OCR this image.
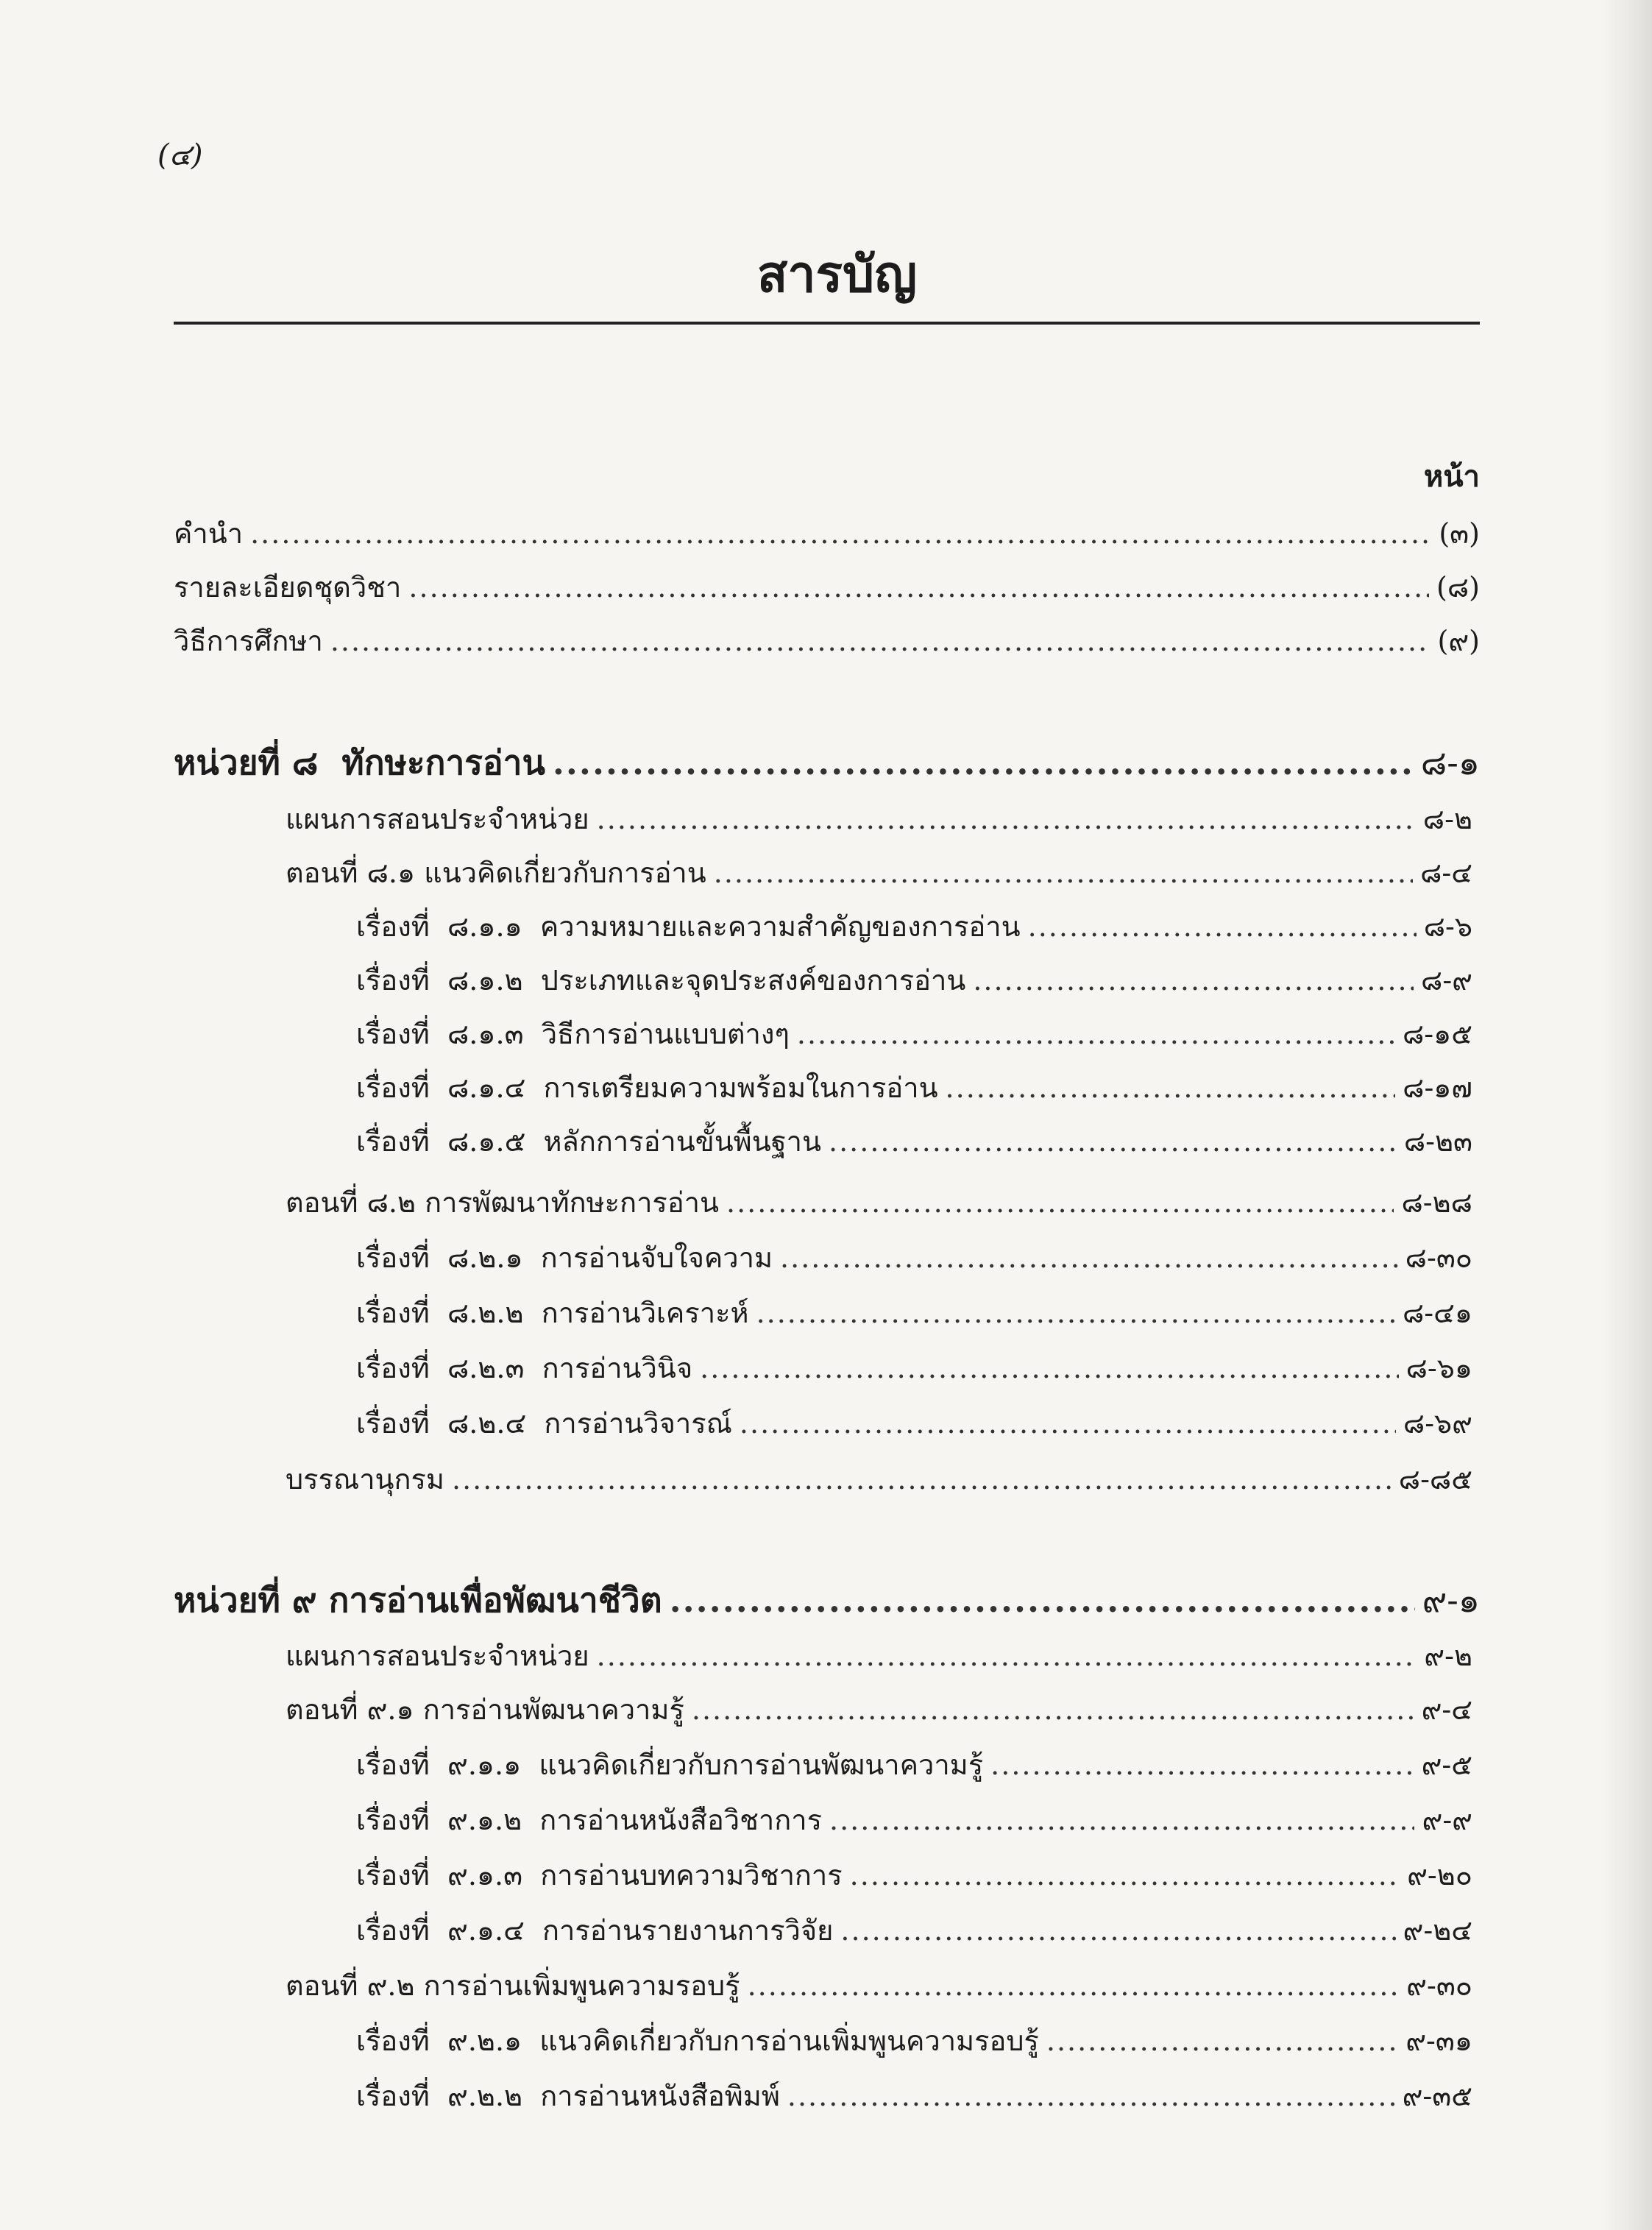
(๔)
สารบัญ
หน้า
คำนำ .....	(๓)
รายละเอียดชุดวิชา .....	(๘)
วิธีการศึกษา .....	(๙)
หน่วยที่ ๘  ทักษะการอ่าน .....	๘-๑
แผนการสอนประจำหน่วย .....	๘-๒
ตอนที่ ๘.๑ แนวคิดเกี่ยวกับการอ่าน .....	๘-๔
เรื่องที่  ๘.๑.๑  ความหมายและความสำคัญของการอ่าน .....	๘-๖
เรื่องที่  ๘.๑.๒  ประเภทและจุดประสงค์ของการอ่าน .....	๘-๙
เรื่องที่  ๘.๑.๓  วิธีการอ่านแบบต่างๆ .....	๘-๑๕
เรื่องที่  ๘.๑.๔  การเตรียมความพร้อมในการอ่าน .....	๘-๑๗
เรื่องที่  ๘.๑.๕  หลักการอ่านขั้นพื้นฐาน .....	๘-๒๓
ตอนที่ ๘.๒ การพัฒนาทักษะการอ่าน .....	๘-๒๘
เรื่องที่  ๘.๒.๑  การอ่านจับใจความ .....	๘-๓๐
เรื่องที่  ๘.๒.๒  การอ่านวิเคราะห์ .....	๘-๔๑
เรื่องที่  ๘.๒.๓  การอ่านวินิจ .....	๘-๖๑
เรื่องที่  ๘.๒.๔  การอ่านวิจารณ์ .....	๘-๖๙
บรรณานุกรม .....	๘-๘๕
หน่วยที่ ๙ การอ่านเพื่อพัฒนาชีวิต .....	๙-๑
แผนการสอนประจำหน่วย .....	๙-๒
ตอนที่ ๙.๑ การอ่านพัฒนาความรู้ .....	๙-๔
เรื่องที่  ๙.๑.๑  แนวคิดเกี่ยวกับการอ่านพัฒนาความรู้ .....	๙-๕
เรื่องที่  ๙.๑.๒  การอ่านหนังสือวิชาการ .....	๙-๙
เรื่องที่  ๙.๑.๓  การอ่านบทความวิชาการ .....	๙-๒๐
เรื่องที่  ๙.๑.๔  การอ่านรายงานการวิจัย .....	๙-๒๔
ตอนที่ ๙.๒ การอ่านเพิ่มพูนความรอบรู้ .....	๙-๓๐
เรื่องที่  ๙.๒.๑  แนวคิดเกี่ยวกับการอ่านเพิ่มพูนความรอบรู้ .....	๙-๓๑
เรื่องที่  ๙.๒.๒  การอ่านหนังสือพิมพ์ .....	๙-๓๕
